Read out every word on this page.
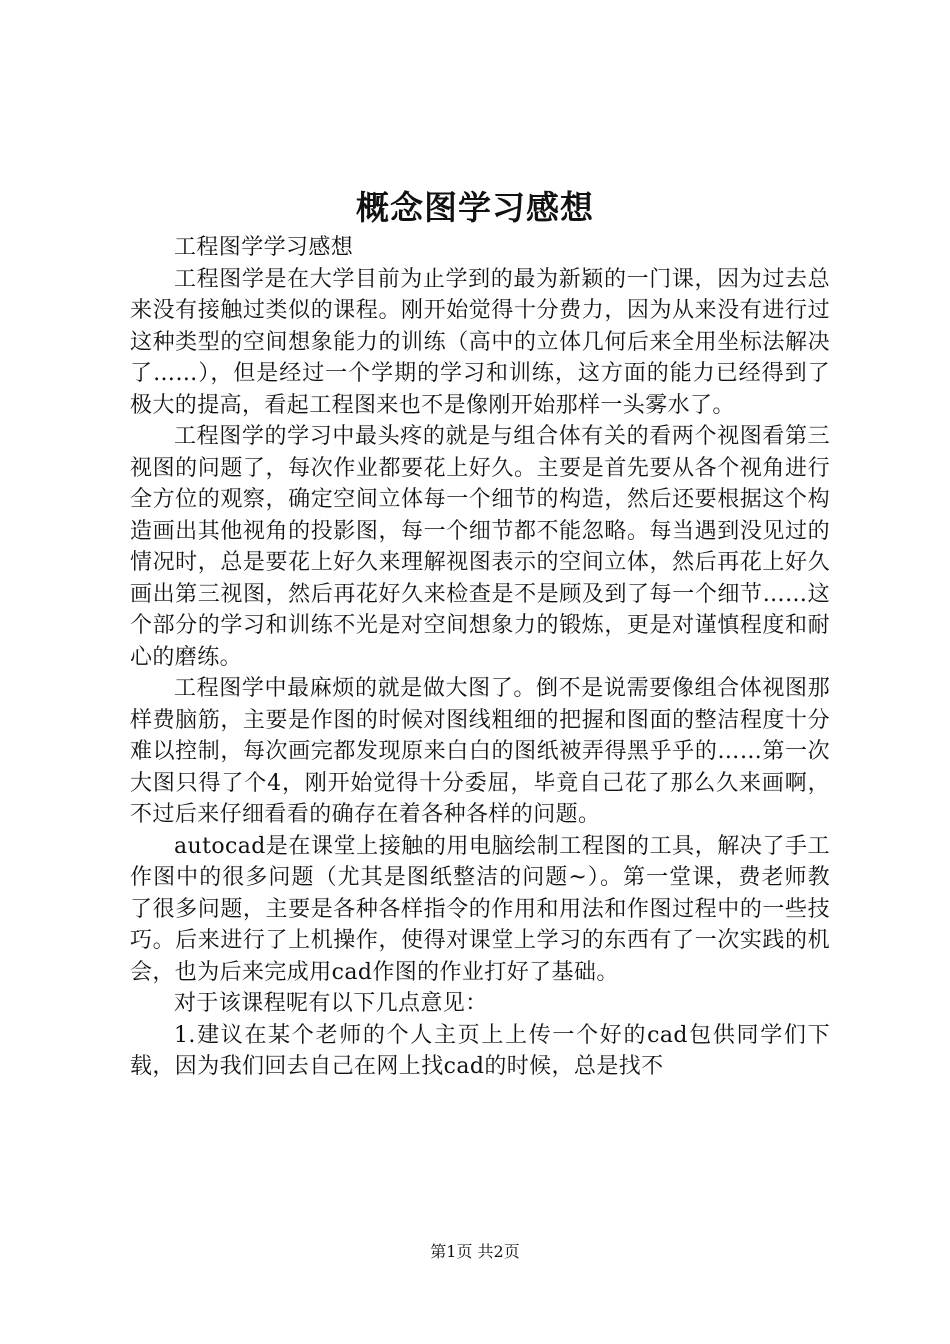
概念图学习感想

工程图学学习感想

工程图学是在大学目前为止学到的最为新颖的一门课，因为过去总来没有接触过类似的课程。刚开始觉得十分费力，因为从来没有进行过这种类型的空间想象能力的训练（高中的立体几何后来全用坐标法解决了……），但是经过一个学期的学习和训练，这方面的能力已经得到了极大的提高，看起工程图来也不是像刚开始那样一头雾水了。

工程图学的学习中最头疼的就是与组合体有关的看两个视图看第三视图的问题了，每次作业都要花上好久。主要是首先要从各个视角进行全方位的观察，确定空间立体每一个细节的构造，然后还要根据这个构造画出其他视角的投影图，每一个细节都不能忽略。每当遇到没见过的情况时，总是要花上好久来理解视图表示的空间立体，然后再花上好久画出第三视图，然后再花好久来检查是不是顾及到了每一个细节……这个部分的学习和训练不光是对空间想象力的锻炼，更是对谨慎程度和耐心的磨练。

工程图学中最麻烦的就是做大图了。倒不是说需要像组合体视图那样费脑筋，主要是作图的时候对图线粗细的把握和图面的整洁程度十分难以控制，每次画完都发现原来白白的图纸被弄得黑乎乎的……第一次大图只得了个4，刚开始觉得十分委屈，毕竟自己花了那么久来画啊，不过后来仔细看看的确存在着各种各样的问题。

autocad是在课堂上接触的用电脑绘制工程图的工具，解决了手工作图中的很多问题（尤其是图纸整洁的问题~）。第一堂课，费老师教了很多问题，主要是各种各样指令的作用和用法和作图过程中的一些技巧。后来进行了上机操作，使得对课堂上学习的东西有了一次实践的机会，也为后来完成用cad作图的作业打好了基础。

对于该课程呢有以下几点意见：

1.建议在某个老师的个人主页上上传一个好的cad包供同学们下载，因为我们回去自己在网上找cad的时候，总是找不

第1页 共2页
